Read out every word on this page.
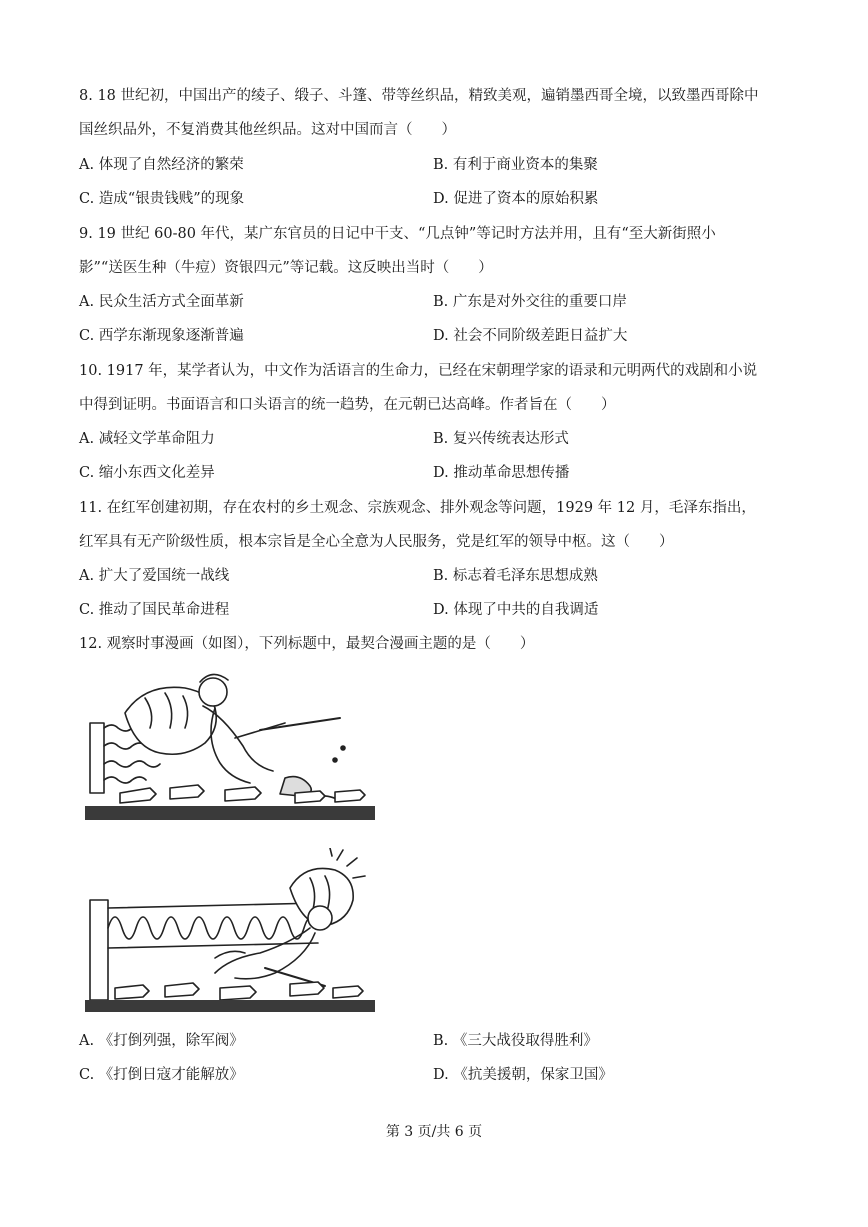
8. 18 世纪初，中国出产的绫子、缎子、斗篷、带等丝织品，精致美观，遍销墨西哥全境，以致墨西哥除中
国丝织品外，不复消费其他丝织品。这对中国而言（　　）
A. 体现了自然经济的繁荣	B. 有利于商业资本的集聚
C. 造成“银贵钱贱”的现象	D. 促进了资本的原始积累
9. 19 世纪 60-80 年代，某广东官员的日记中干支、“几点钟”等记时方法并用，且有“至大新街照小
影”“送医生种（牛痘）资银四元”等记载。这反映出当时（　　）
A. 民众生活方式全面革新	B. 广东是对外交往的重要口岸
C. 西学东渐现象逐渐普遍	D. 社会不同阶级差距日益扩大
10. 1917 年，某学者认为，中文作为活语言的生命力，已经在宋朝理学家的语录和元明两代的戏剧和小说
中得到证明。书面语言和口头语言的统一趋势，在元朝已达高峰。作者旨在（　　）
A. 减轻文学革命阻力	B. 复兴传统表达形式
C. 缩小东西文化差异	D. 推动革命思想传播
11. 在红军创建初期，存在农村的乡土观念、宗族观念、排外观念等问题，1929 年 12 月，毛泽东指出，
红军具有无产阶级性质，根本宗旨是全心全意为人民服务，党是红军的领导中枢。这（　　）
A. 扩大了爱国统一战线	B. 标志着毛泽东思想成熟
C. 推动了国民革命进程	D. 体现了中共的自我调适
12. 观察时事漫画（如图），下列标题中，最契合漫画主题的是（　　）
A. 《打倒列强，除军阀》	B. 《三大战役取得胜利》
C. 《打倒日寇才能解放》	D. 《抗美援朝，保家卫国》
第 3 页/共 6 页
